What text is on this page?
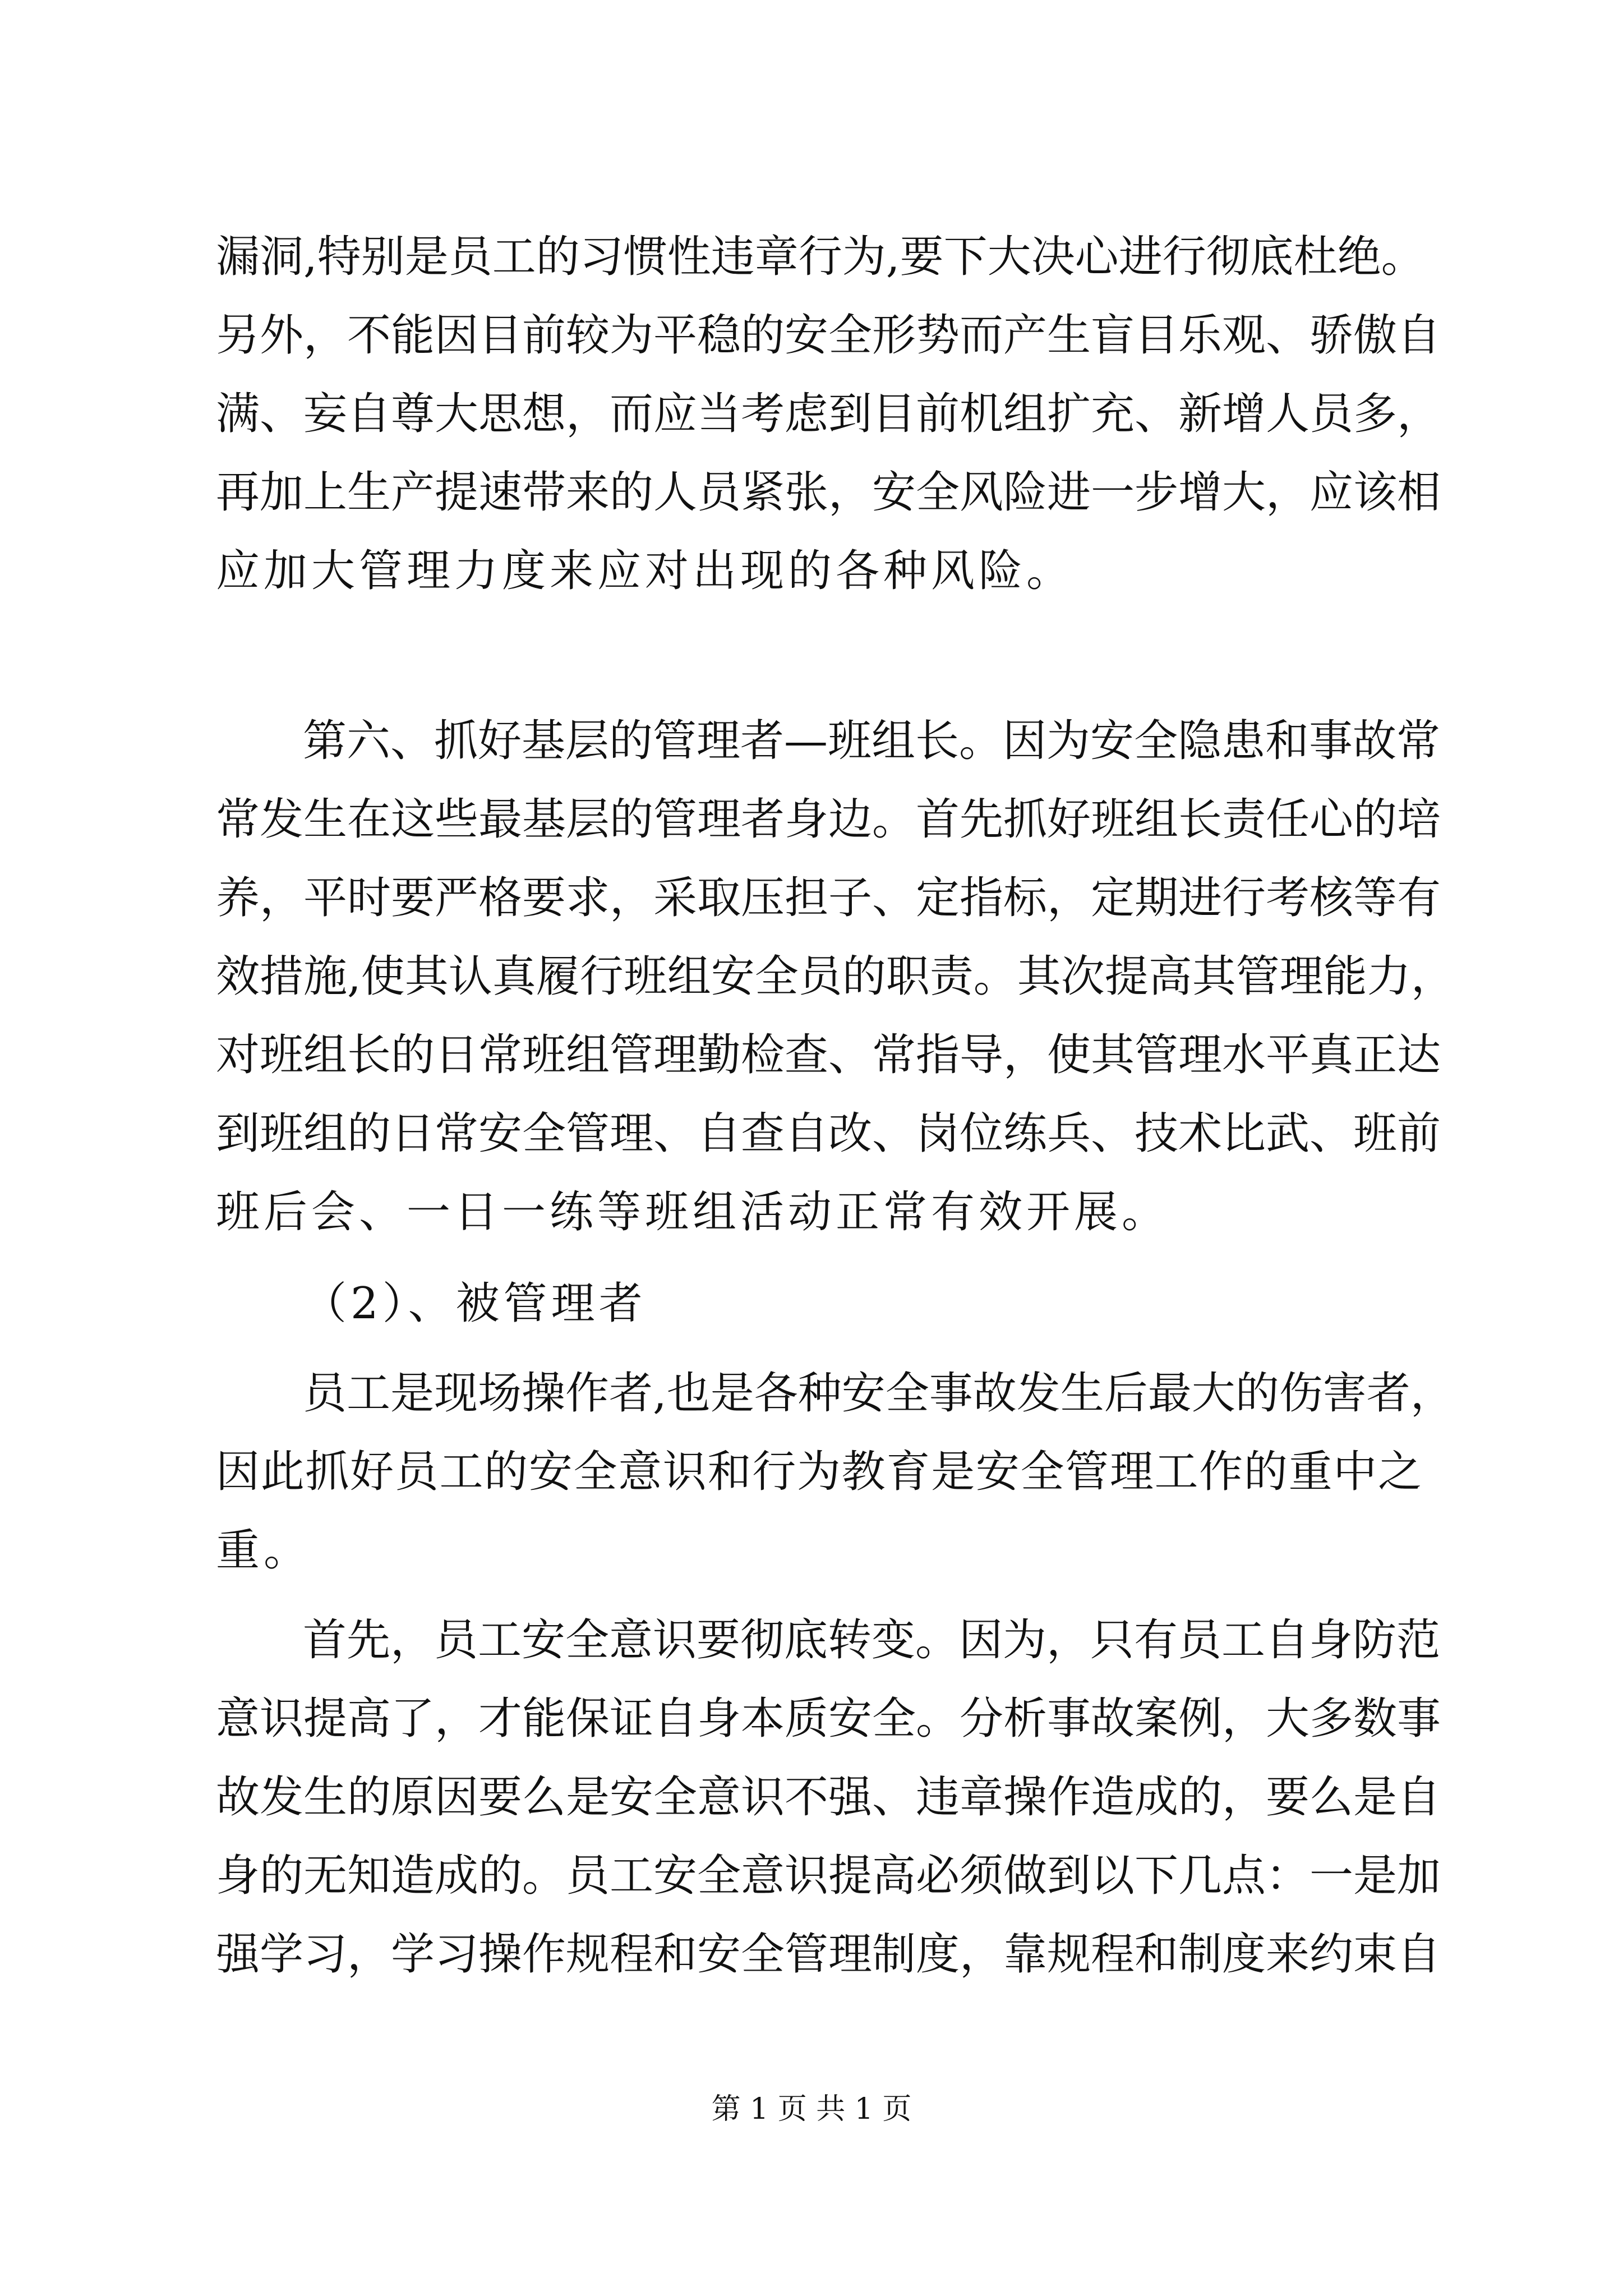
漏洞,特别是员工的习惯性违章行为,要下大决心进行彻底杜绝。
另外，不能因目前较为平稳的安全形势而产生盲目乐观、骄傲自
满、妄自尊大思想，而应当考虑到目前机组扩充、新增人员多，
再加上生产提速带来的人员紧张，安全风险进一步增大，应该相
应加大管理力度来应对出现的各种风险。
第六、抓好基层的管理者—班组长。因为安全隐患和事故常
常发生在这些最基层的管理者身边。首先抓好班组长责任心的培
养，平时要严格要求，采取压担子、定指标，定期进行考核等有
效措施,使其认真履行班组安全员的职责。其次提高其管理能力，
对班组长的日常班组管理勤检查、常指导，使其管理水平真正达
到班组的日常安全管理、自查自改、岗位练兵、技术比武、班前
班后会、一日一练等班组活动正常有效开展。
（2）、被管理者
员工是现场操作者,也是各种安全事故发生后最大的伤害者，
因此抓好员工的安全意识和行为教育是安全管理工作的重中之
重。
首先，员工安全意识要彻底转变。因为，只有员工自身防范
意识提高了，才能保证自身本质安全。分析事故案例，大多数事
故发生的原因要么是安全意识不强、违章操作造成的，要么是自
身的无知造成的。员工安全意识提高必须做到以下几点：一是加
强学习，学习操作规程和安全管理制度，靠规程和制度来约束自
第 1 页 共 1 页
